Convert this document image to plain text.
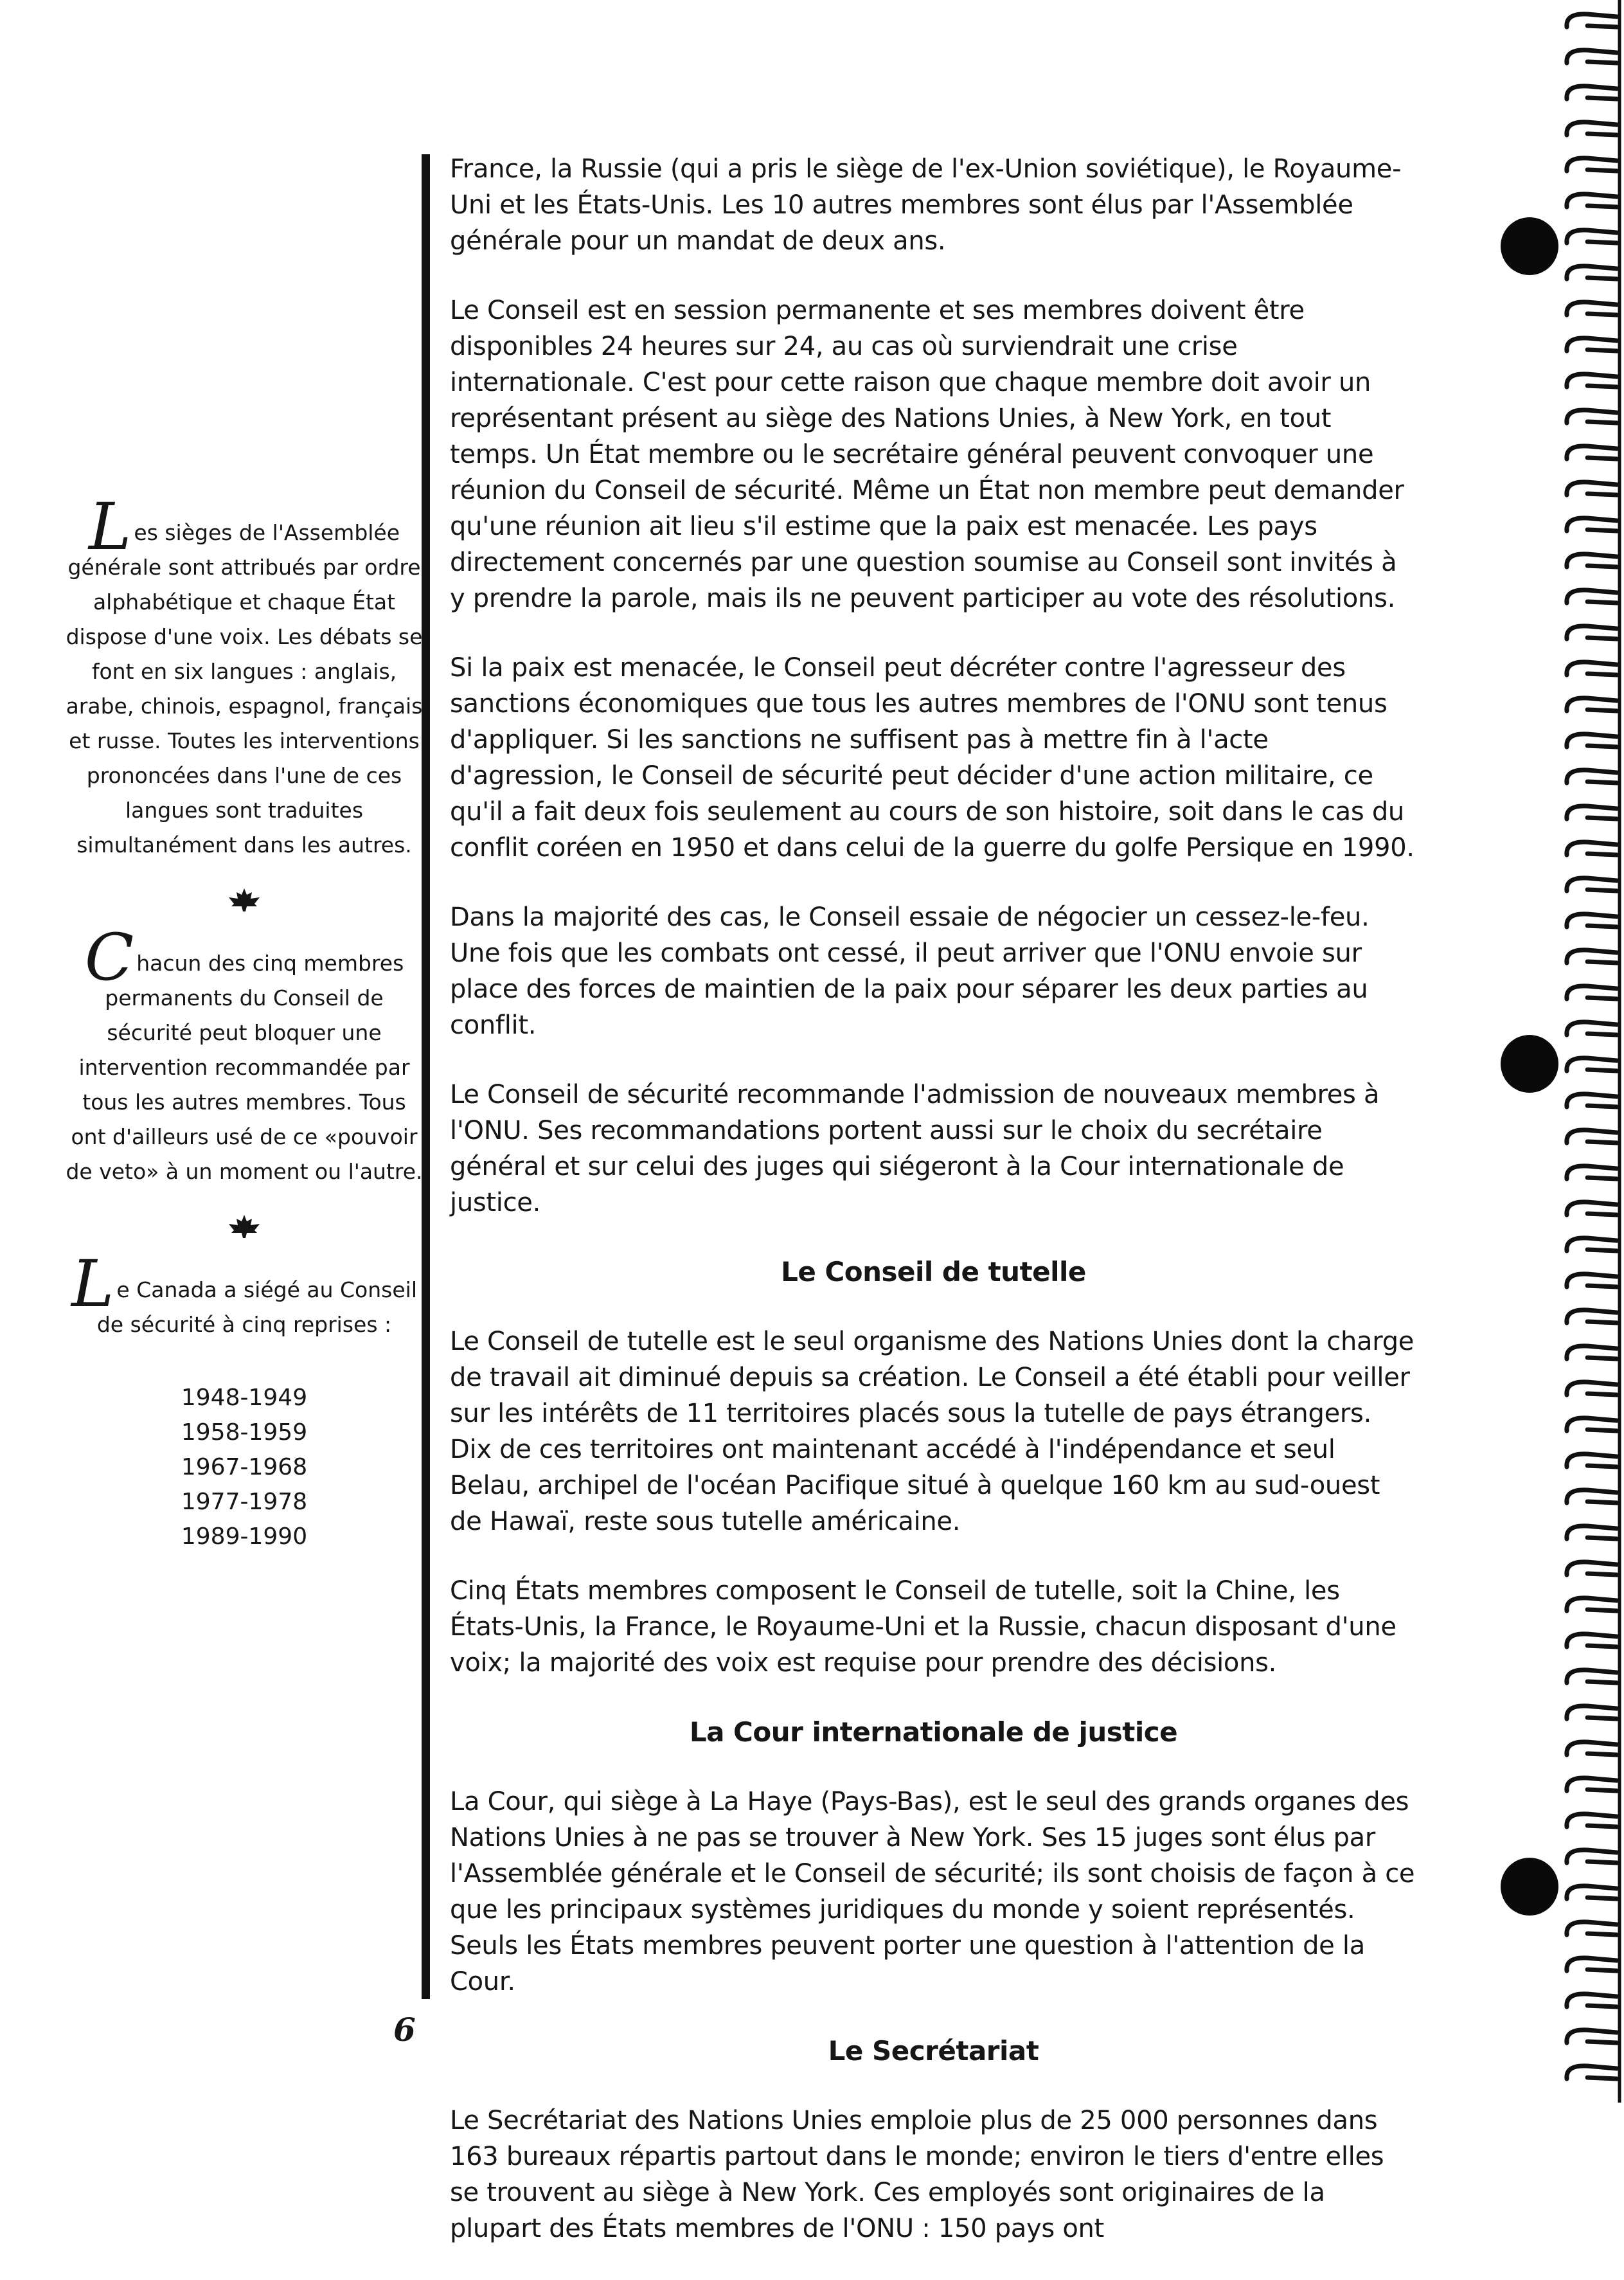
Les sièges de l'Assemblée générale sont attribués par ordre alphabétique et chaque État dispose d'une voix. Les débats se font en six langues : anglais, arabe, chinois, espagnol, français et russe. Toutes les interventions prononcées dans l'une de ces langues sont traduites simultanément dans les autres.

Chacun des cinq membres permanents du Conseil de sécurité peut bloquer une intervention recommandée par tous les autres membres. Tous ont d'ailleurs usé de ce «pouvoir de veto» à un moment ou l'autre.

Le Canada a siégé au Conseil de sécurité à cinq reprises :

1948-1949
1958-1959
1967-1968
1977-1978
1989-1990

France, la Russie (qui a pris le siège de l'ex-Union soviétique), le Royaume-Uni et les États-Unis. Les 10 autres membres sont élus par l'Assemblée générale pour un mandat de deux ans.

Le Conseil est en session permanente et ses membres doivent être disponibles 24 heures sur 24, au cas où surviendrait une crise internationale. C'est pour cette raison que chaque membre doit avoir un représentant présent au siège des Nations Unies, à New York, en tout temps. Un État membre ou le secrétaire général peuvent convoquer une réunion du Conseil de sécurité. Même un État non membre peut demander qu'une réunion ait lieu s'il estime que la paix est menacée. Les pays directement concernés par une question soumise au Conseil sont invités à y prendre la parole, mais ils ne peuvent participer au vote des résolutions.

Si la paix est menacée, le Conseil peut décréter contre l'agresseur des sanctions économiques que tous les autres membres de l'ONU sont tenus d'appliquer. Si les sanctions ne suffisent pas à mettre fin à l'acte d'agression, le Conseil de sécurité peut décider d'une action militaire, ce qu'il a fait deux fois seulement au cours de son histoire, soit dans le cas du conflit coréen en 1950 et dans celui de la guerre du golfe Persique en 1990.

Dans la majorité des cas, le Conseil essaie de négocier un cessez-le-feu. Une fois que les combats ont cessé, il peut arriver que l'ONU envoie sur place des forces de maintien de la paix pour séparer les deux parties au conflit.

Le Conseil de sécurité recommande l'admission de nouveaux membres à l'ONU. Ses recommandations portent aussi sur le choix du secrétaire général et sur celui des juges qui siégeront à la Cour internationale de justice.

Le Conseil de tutelle

Le Conseil de tutelle est le seul organisme des Nations Unies dont la charge de travail ait diminué depuis sa création. Le Conseil a été établi pour veiller sur les intérêts de 11 territoires placés sous la tutelle de pays étrangers. Dix de ces territoires ont maintenant accédé à l'indépendance et seul Belau, archipel de l'océan Pacifique situé à quelque 160 km au sud-ouest de Hawaï, reste sous tutelle américaine.

Cinq États membres composent le Conseil de tutelle, soit la Chine, les États-Unis, la France, le Royaume-Uni et la Russie, chacun disposant d'une voix; la majorité des voix est requise pour prendre des décisions.

La Cour internationale de justice

La Cour, qui siège à La Haye (Pays-Bas), est le seul des grands organes des Nations Unies à ne pas se trouver à New York. Ses 15 juges sont élus par l'Assemblée générale et le Conseil de sécurité; ils sont choisis de façon à ce que les principaux systèmes juridiques du monde y soient représentés. Seuls les États membres peuvent porter une question à l'attention de la Cour.

Le Secrétariat

Le Secrétariat des Nations Unies emploie plus de 25 000 personnes dans 163 bureaux répartis partout dans le monde; environ le tiers d'entre elles se trouvent au siège à New York. Ces employés sont originaires de la plupart des États membres de l'ONU : 150 pays ont

6
